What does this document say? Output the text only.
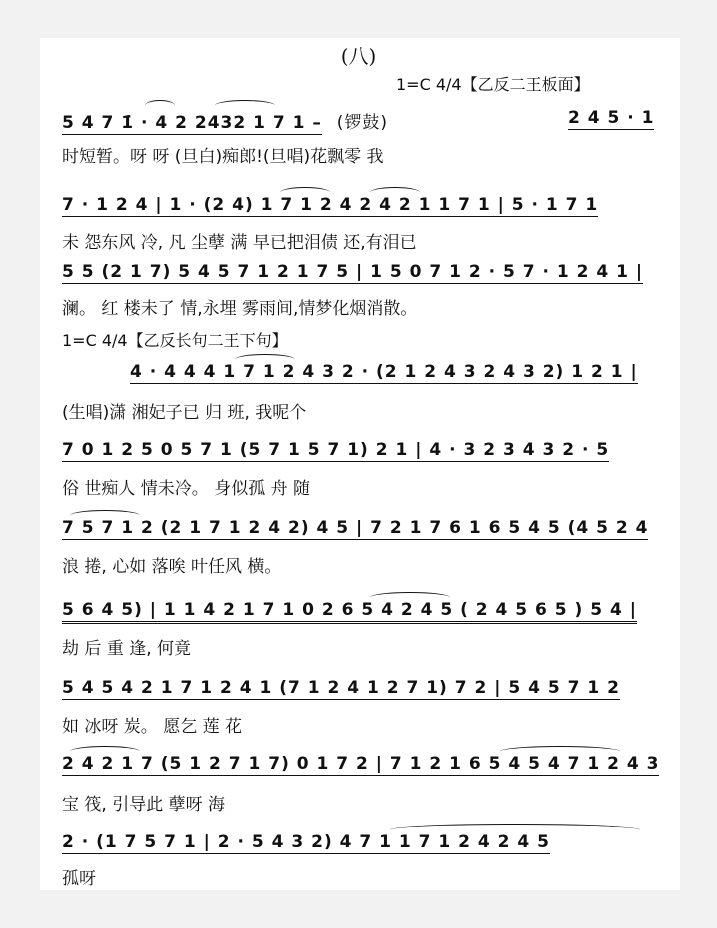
(八)
1=C 4/4【乙反二王板面】
5 4 7 1̇ · 4 2 2432 1 7 1 – (锣鼓)	2 4 5 · 1
时短暂。呀 呀 (旦白)痴郎!(旦唱)花飘零 我
7 · 1 2 4 | 1 · (2 4) 1 7 1 2 4 2 4 2 1 1 7 1 | 5 · 1 7 1
未 怨东风 冷, 凡 尘孽 满 早已把泪债 还,有泪已
5 5 (2 1 7) 5 4 5 7 1 2 1 7 5 | 1 5 0 7 1 2 · 5 7 · 1 2 4 1 |
澜。 红 楼未了 情,永埋 雾雨间,情梦化烟消散。
1=C 4/4【乙反长句二王下句】
4 · 4 4 4 1 7 1 2 4 3 2 · (2 1 2 4 3 2 4 3 2) 1 2 1 |
(生唱)潇 湘妃子已 归 班, 我呢个
7 0 1 2 5 0 5 7 1 (5 7 1 5 7 1) 2 1 | 4 · 3 2 3 4 3 2 · 5
俗 世痴人 情未冷。 身似孤 舟 随
7 5 7 1 2 (2 1 7 1 2 4 2) 4 5 | 7 2 1 7 6 1 6 5 4 5 (4 5 2 4
浪 捲, 心如 落唉 叶任风 横。
5 6 4 5) | 1 1 4 2 1 7 1 0 2 6 5 4 2 4 5 ( 2 4 5 6 5 ) 5 4 |
劫 后 重 逢, 何竟
5 4 5 4 2 1 7 1 2 4 1 (7 1 2 4 1 2 7 1) 7 2 | 5 4 5 7 1 2
如 冰呀 炭。 愿乞 莲 花
2 4 2 1 7 (5 1 2 7 1 7) 0 1 7 2 | 7 1 2 1 6 5 4 5 4 7 1 2 4 3
宝 筏, 引导此 孽呀 海
2 · (1 7 5 7 1 | 2 · 5 4 3 2) 4 7 1 1 7 1 2 4 2 4 5
孤呀
